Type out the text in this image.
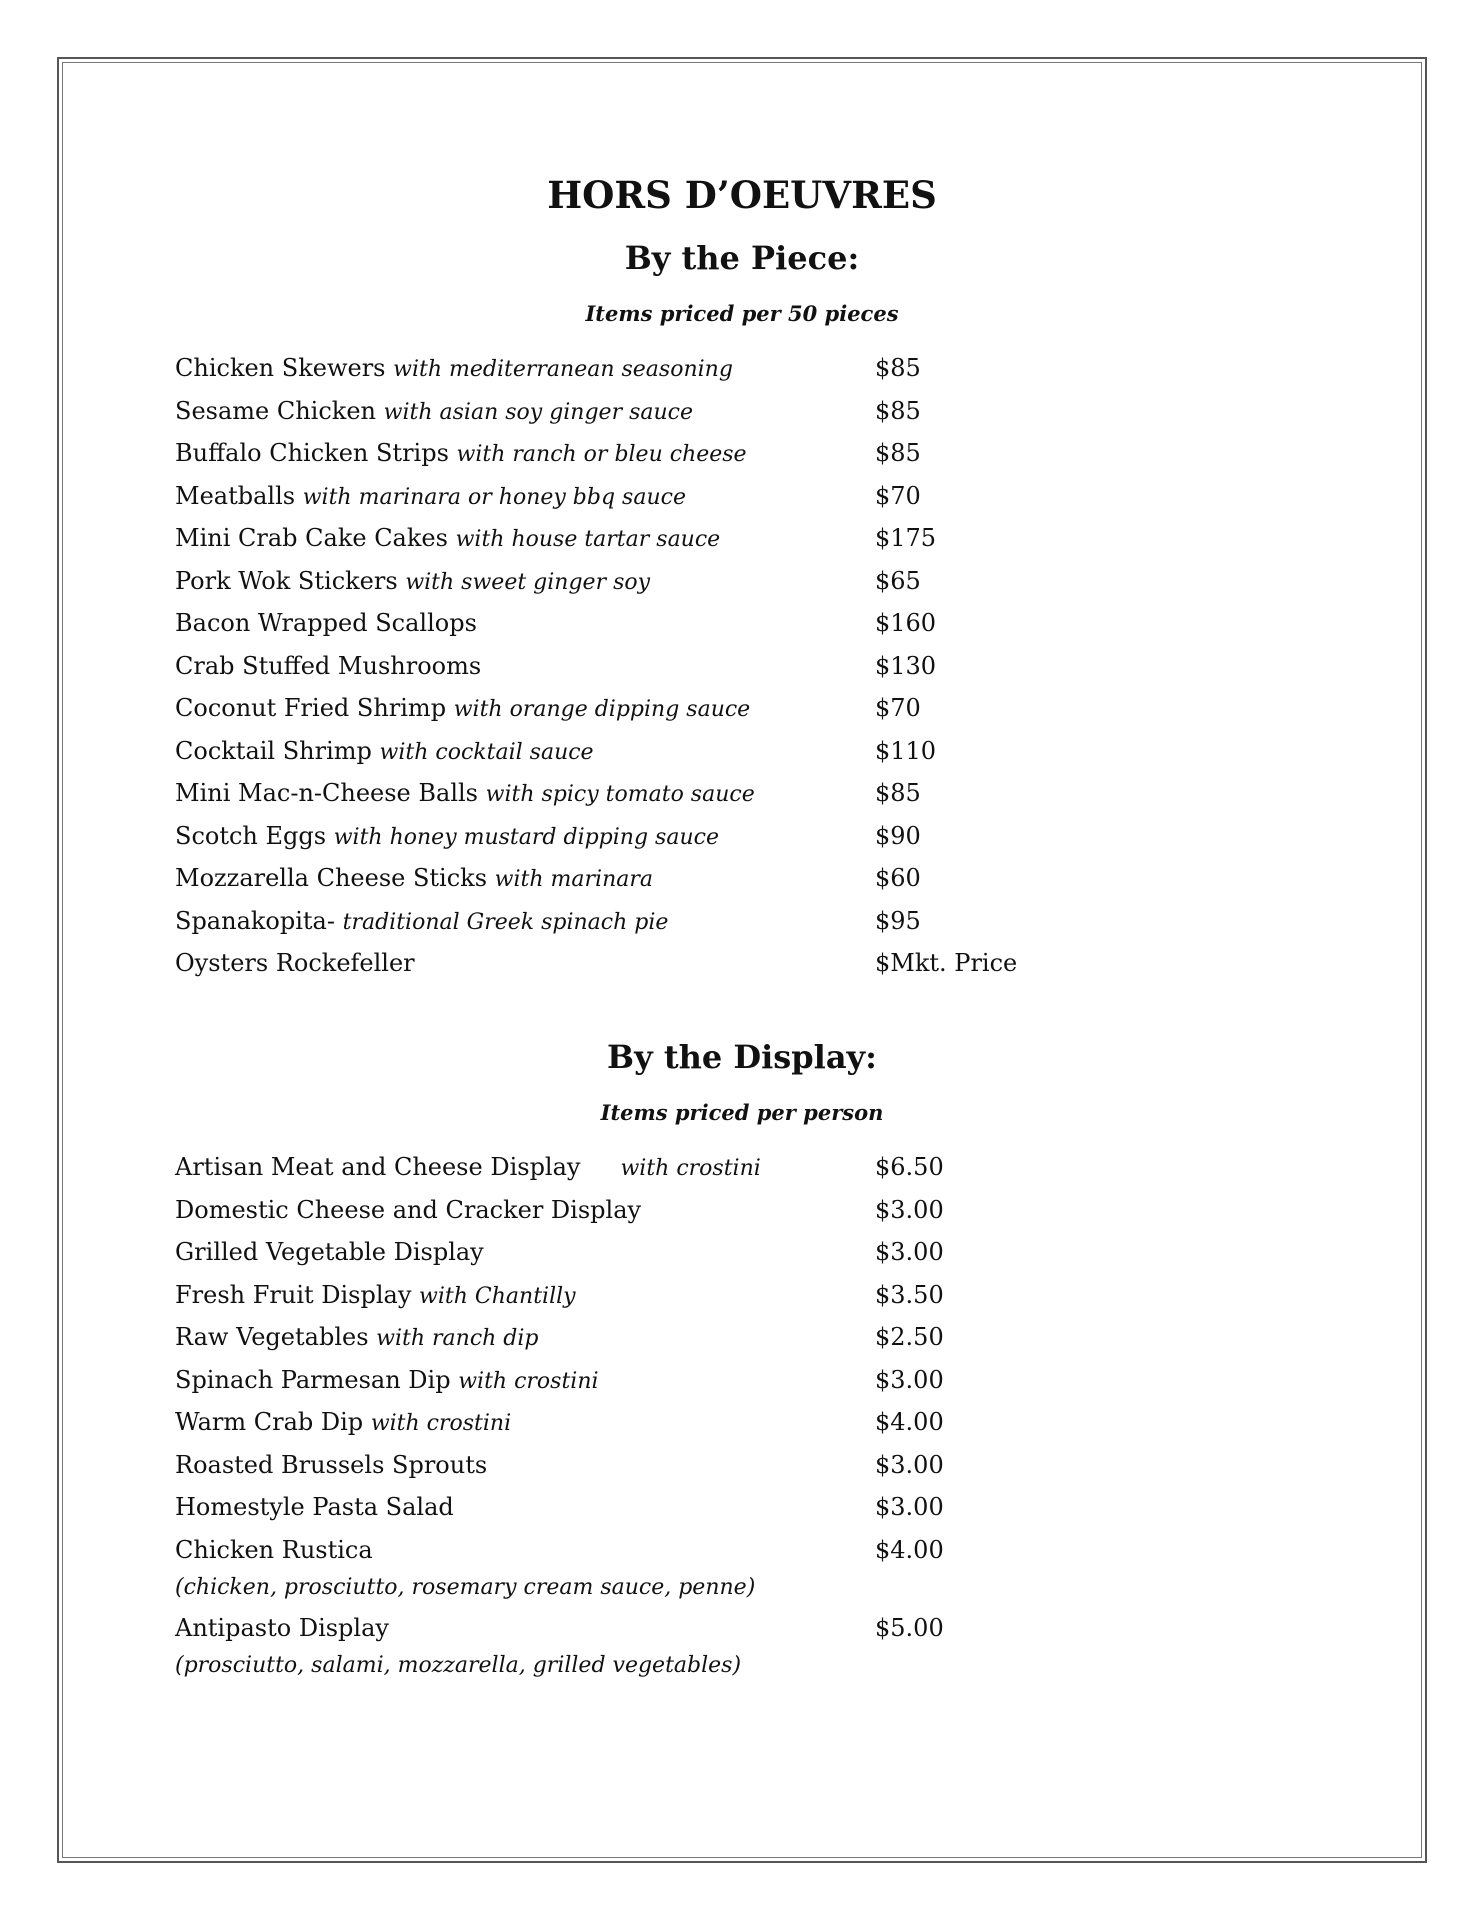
HORS D’OEUVRES
By the Piece:
Items priced per 50 pieces
Chicken Skewers with mediterranean seasoning	$85
Sesame Chicken with asian soy ginger sauce	$85
Buffalo Chicken Strips with ranch or bleu cheese	$85
Meatballs with marinara or honey bbq sauce	$70
Mini Crab Cake Cakes with house tartar sauce	$175
Pork Wok Stickers with sweet ginger soy	$65
Bacon Wrapped Scallops	$160
Crab Stuffed Mushrooms	$130
Coconut Fried Shrimp with orange dipping sauce	$70
Cocktail Shrimp with cocktail sauce	$110
Mini Mac-n-Cheese Balls with spicy tomato sauce	$85
Scotch Eggs with honey mustard dipping sauce	$90
Mozzarella Cheese Sticks with marinara	$60
Spanakopita- traditional Greek spinach pie	$95
Oysters Rockefeller	$Mkt. Price
By the Display:
Items priced per person
Artisan Meat and Cheese Display with crostini	$6.50
Domestic Cheese and Cracker Display	$3.00
Grilled Vegetable Display	$3.00
Fresh Fruit Display with Chantilly	$3.50
Raw Vegetables with ranch dip	$2.50
Spinach Parmesan Dip with crostini	$3.00
Warm Crab Dip with crostini	$4.00
Roasted Brussels Sprouts	$3.00
Homestyle Pasta Salad	$3.00
Chicken Rustica	$4.00
(chicken, prosciutto, rosemary cream sauce, penne)
Antipasto Display	$5.00
(prosciutto, salami, mozzarella, grilled vegetables)
